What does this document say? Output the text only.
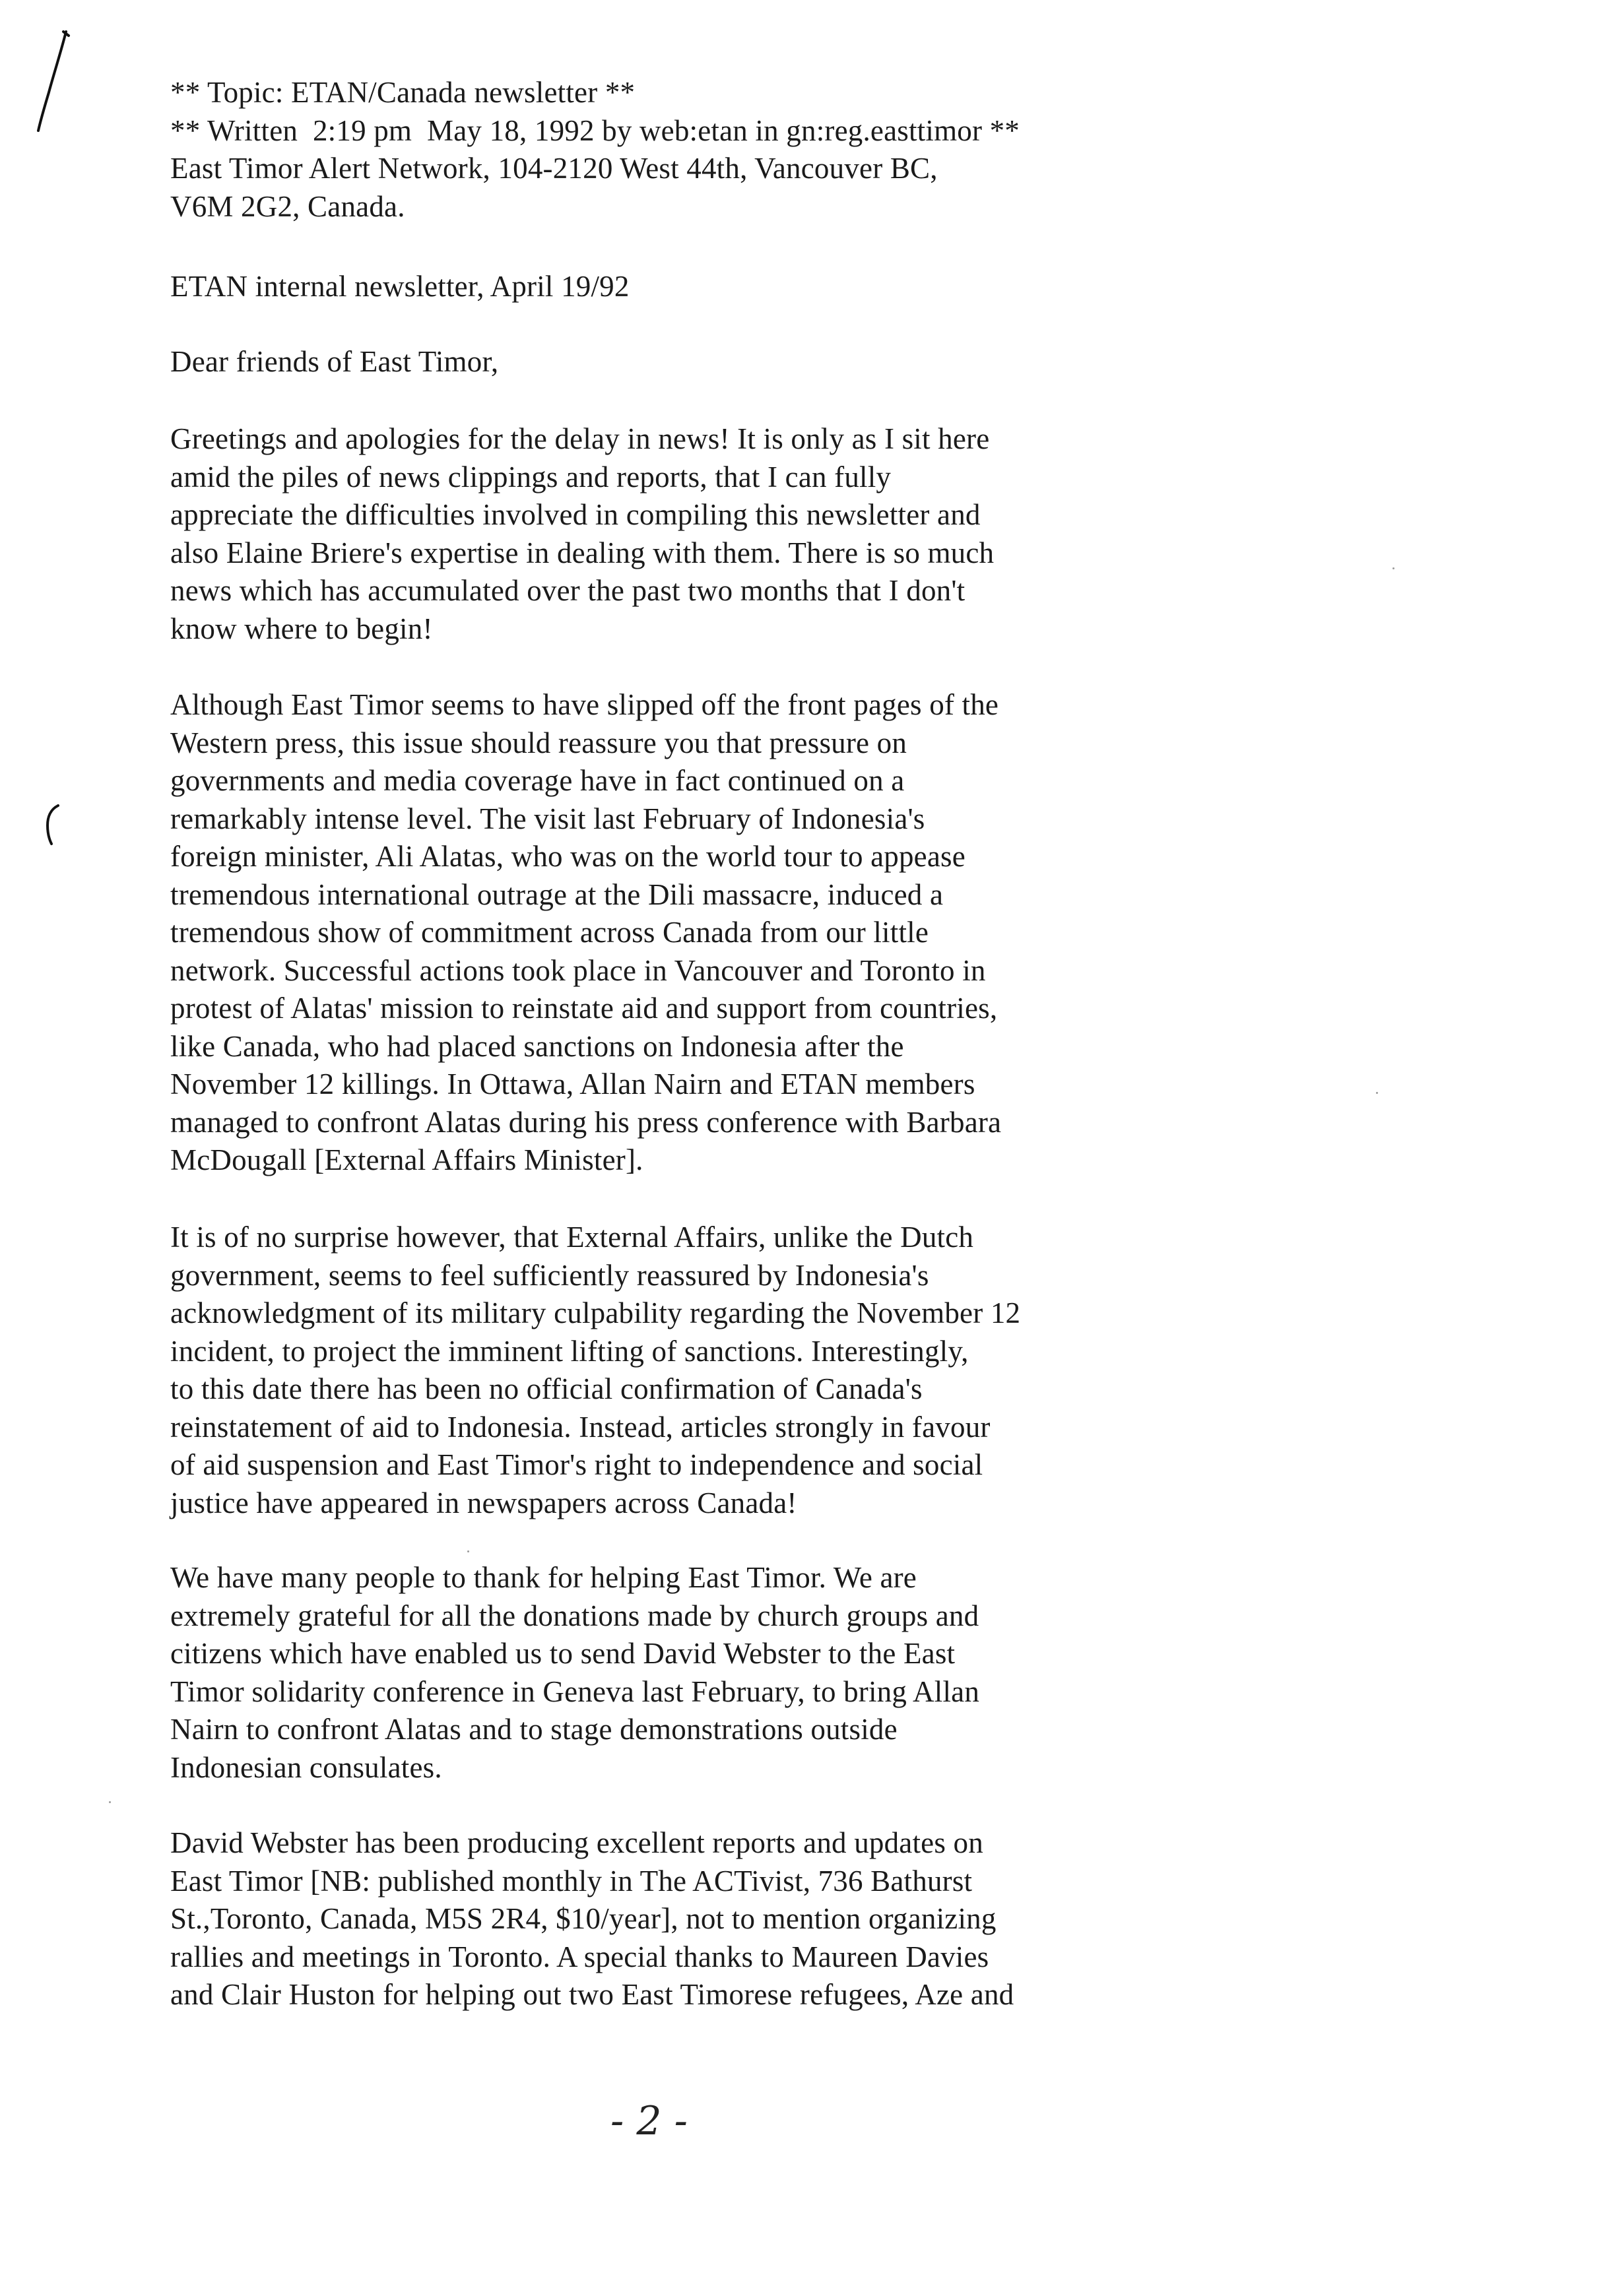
** Topic: ETAN/Canada newsletter **
** Written  2:19 pm  May 18, 1992 by web:etan in gn:reg.easttimor **
East Timor Alert Network, 104-2120 West 44th, Vancouver BC,
V6M 2G2, Canada.
ETAN internal newsletter, April 19/92
Dear friends of East Timor,
Greetings and apologies for the delay in news! It is only as I sit here
amid the piles of news clippings and reports, that I can fully
appreciate the difficulties involved in compiling this newsletter and
also Elaine Briere's expertise in dealing with them. There is so much
news which has accumulated over the past two months that I don't
know where to begin!
Although East Timor seems to have slipped off the front pages of the
Western press, this issue should reassure you that pressure on
governments and media coverage have in fact continued on a
remarkably intense level. The visit last February of Indonesia's
foreign minister, Ali Alatas, who was on the world tour to appease
tremendous international outrage at the Dili massacre, induced a
tremendous show of commitment across Canada from our little
network. Successful actions took place in Vancouver and Toronto in
protest of Alatas' mission to reinstate aid and support from countries,
like Canada, who had placed sanctions on Indonesia after the
November 12 killings. In Ottawa, Allan Nairn and ETAN members
managed to confront Alatas during his press conference with Barbara
McDougall [External Affairs Minister].
It is of no surprise however, that External Affairs, unlike the Dutch
government, seems to feel sufficiently reassured by Indonesia's
acknowledgment of its military culpability regarding the November 12
incident, to project the imminent lifting of sanctions. Interestingly,
to this date there has been no official confirmation of Canada's
reinstatement of aid to Indonesia. Instead, articles strongly in favour
of aid suspension and East Timor's right to independence and social
justice have appeared in newspapers across Canada!
We have many people to thank for helping East Timor. We are
extremely grateful for all the donations made by church groups and
citizens which have enabled us to send David Webster to the East
Timor solidarity conference in Geneva last February, to bring Allan
Nairn to confront Alatas and to stage demonstrations outside
Indonesian consulates.
David Webster has been producing excellent reports and updates on
East Timor [NB: published monthly in The ACTivist, 736 Bathurst
St.,Toronto, Canada, M5S 2R4, $10/year], not to mention organizing
rallies and meetings in Toronto. A special thanks to Maureen Davies
and Clair Huston for helping out two East Timorese refugees, Aze and
- 2 -
